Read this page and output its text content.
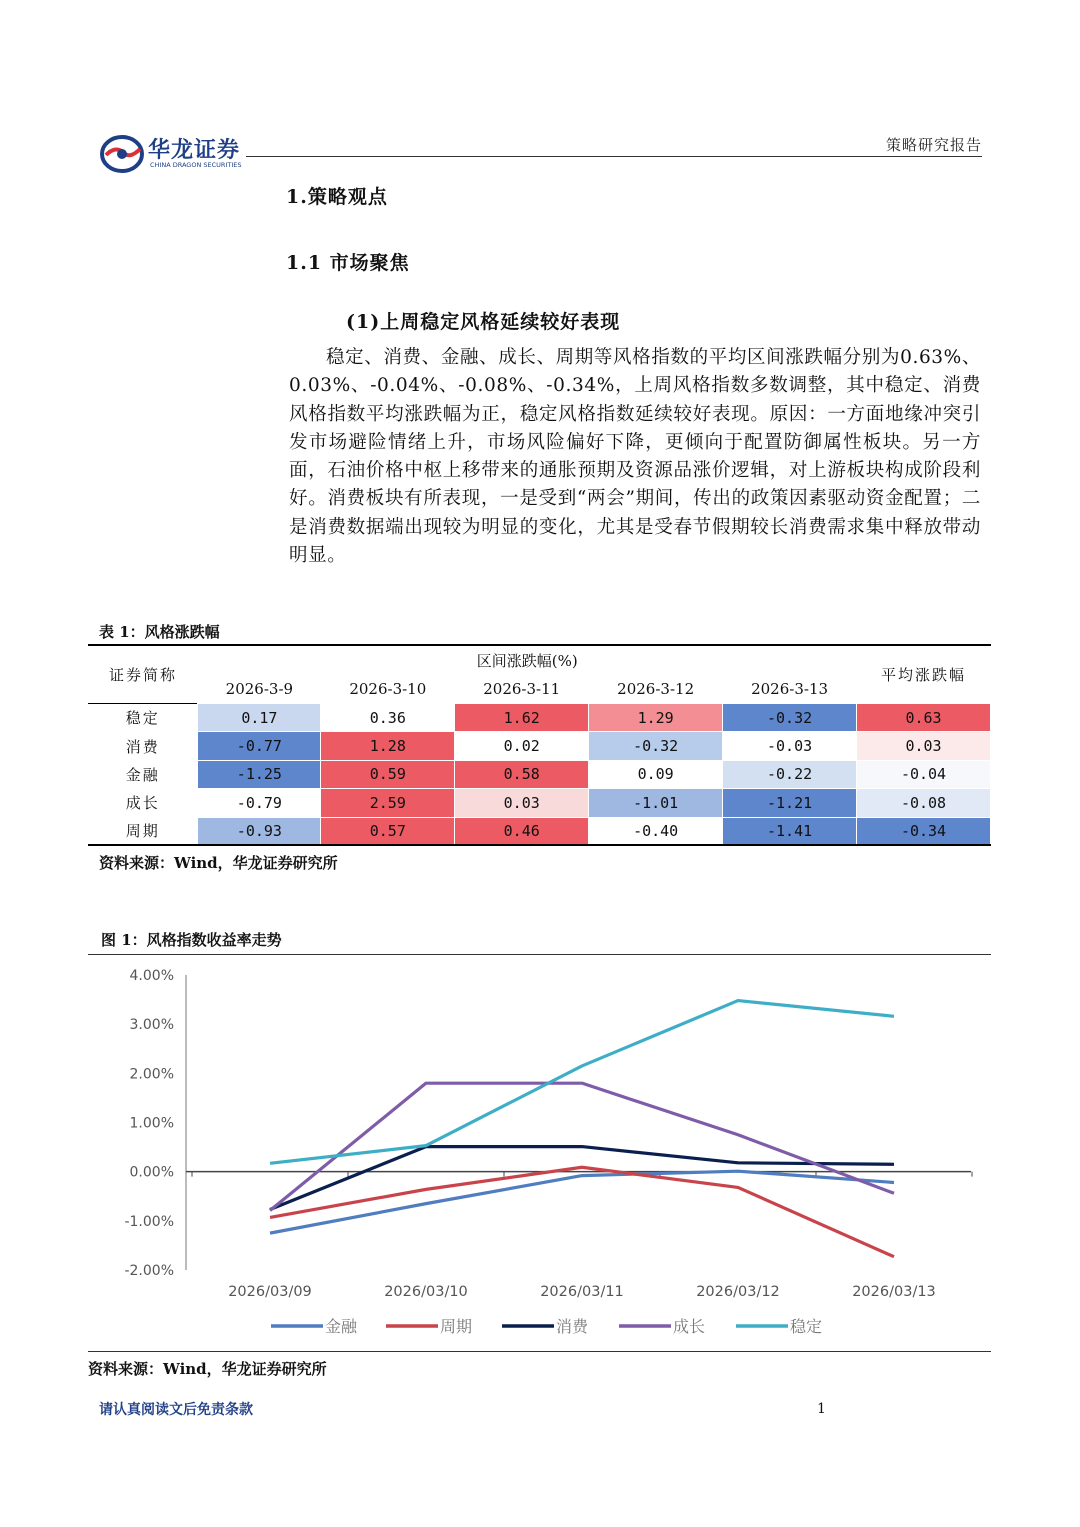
华龙证券
CHINA DRAGON SECURITIES
策略研究报告
1.策略观点
1.1 市场聚焦
(1)上周稳定风格延续较好表现
稳定、消费、金融、成长、周期等风格指数的平均区间涨跌幅分别为0.63%、0.03%、-0.04%、-0.08%、-0.34%，上周风格指数多数调整，其中稳定、消费风格指数平均涨跌幅为正，稳定风格指数延续较好表现。原因：一方面地缘冲突引发市场避险情绪上升，市场风险偏好下降，更倾向于配置防御属性板块。另一方面，石油价格中枢上移带来的通胀预期及资源品涨价逻辑，对上游板块构成阶段利好。消费板块有所表现，一是受到“两会”期间，传出的政策因素驱动资金配置；二是消费数据端出现较为明显的变化，尤其是受春节假期较长消费需求集中释放带动明显。
表 1：风格涨跌幅
证券简称	区间涨跌幅(%)					平均涨跌幅
	2026-3-9	2026-3-10	2026-3-11	2026-3-12	2026-3-13	
稳定	0.17	0.36	1.62	1.29	-0.32	0.63
消费	-0.77	1.28	0.02	-0.32	-0.03	0.03
金融	-1.25	0.59	0.58	0.09	-0.22	-0.04
成长	-0.79	2.59	0.03	-1.01	-1.21	-0.08
周期	-0.93	0.57	0.46	-0.40	-1.41	-0.34
资料来源：Wind，华龙证券研究所
图 1：风格指数收益率走势
4.00%
3.00%
2.00%
1.00%
0.00%
-1.00%
-2.00%
2026/03/09	2026/03/10	2026/03/11	2026/03/12	2026/03/13
金融	周期	消费	成长	稳定
资料来源：Wind，华龙证券研究所
请认真阅读文后免责条款	1
